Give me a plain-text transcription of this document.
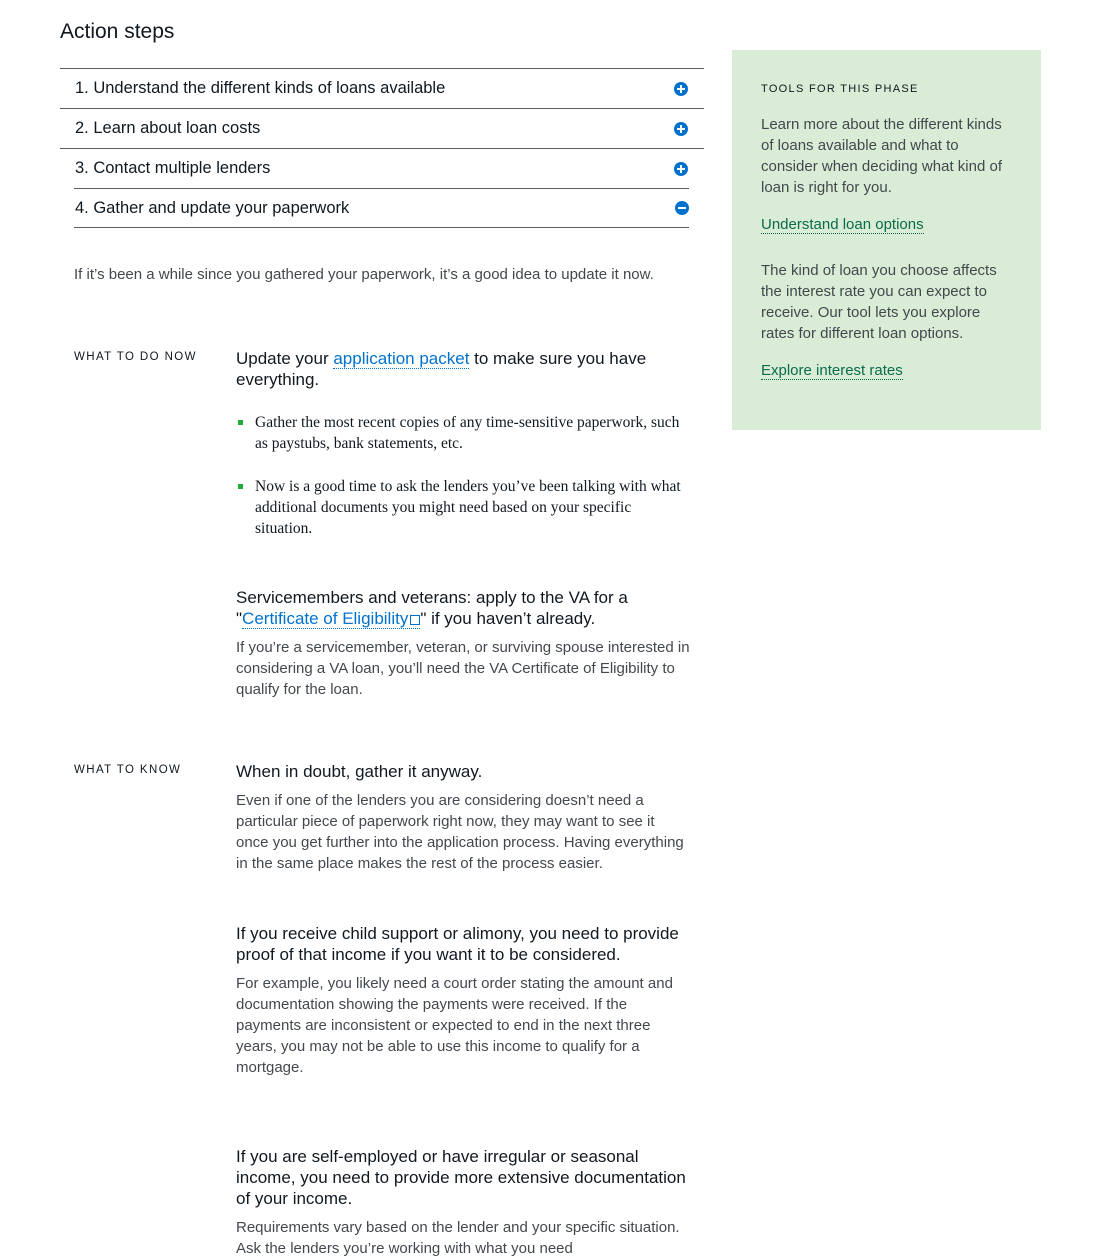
Action steps
1. Understand the different kinds of loans available
2. Learn about loan costs
3. Contact multiple lenders
4. Gather and update your paperwork

If it’s been a while since you gathered your paperwork, it’s a good idea to update it now.

WHAT TO DO NOW Update your application packet to make sure you have everything.
Gather the most recent copies of any time-sensitive paperwork, such as paystubs, bank statements, etc.
Now is a good time to ask the lenders you’ve been talking with what additional documents you might need based on your specific situation.
Servicemembers and veterans: apply to the VA for a "Certificate of Eligibility " if you haven’t already.

If you’re a servicemember, veteran, or surviving spouse interested in considering a VA loan, you’ll need the VA Certificate of Eligibility to qualify for the loan.

WHAT TO KNOW	When in doubt, gather it anyway.

Even if one of the lenders you are considering doesn’t need a particular piece of paperwork right now, they may want to see it once you get further into the application process. Having everything in the same place makes the rest of the process easier.

If you receive child support or alimony, you need to provide proof of that income if you want it to be considered.

For example, you likely need a court order stating the amount and documentation showing the payments were received. If the payments are inconsistent or expected to end in the next three years, you may not be able to use this income to qualify for a mortgage.

If you are self-employed or have irregular or seasonal income, you need to provide more extensive documentation of your income.

Requirements vary based on the lender and your specific situation. Ask the lenders you’re working with what you need

TOOLS FOR THIS PHASE

Learn more about the different kinds of loans available and what to consider when deciding what kind of loan is right for you.

Understand loan options

The kind of loan you choose affects the interest rate you can expect to receive. Our tool lets you explore rates for different loan options.

Explore interest rates
